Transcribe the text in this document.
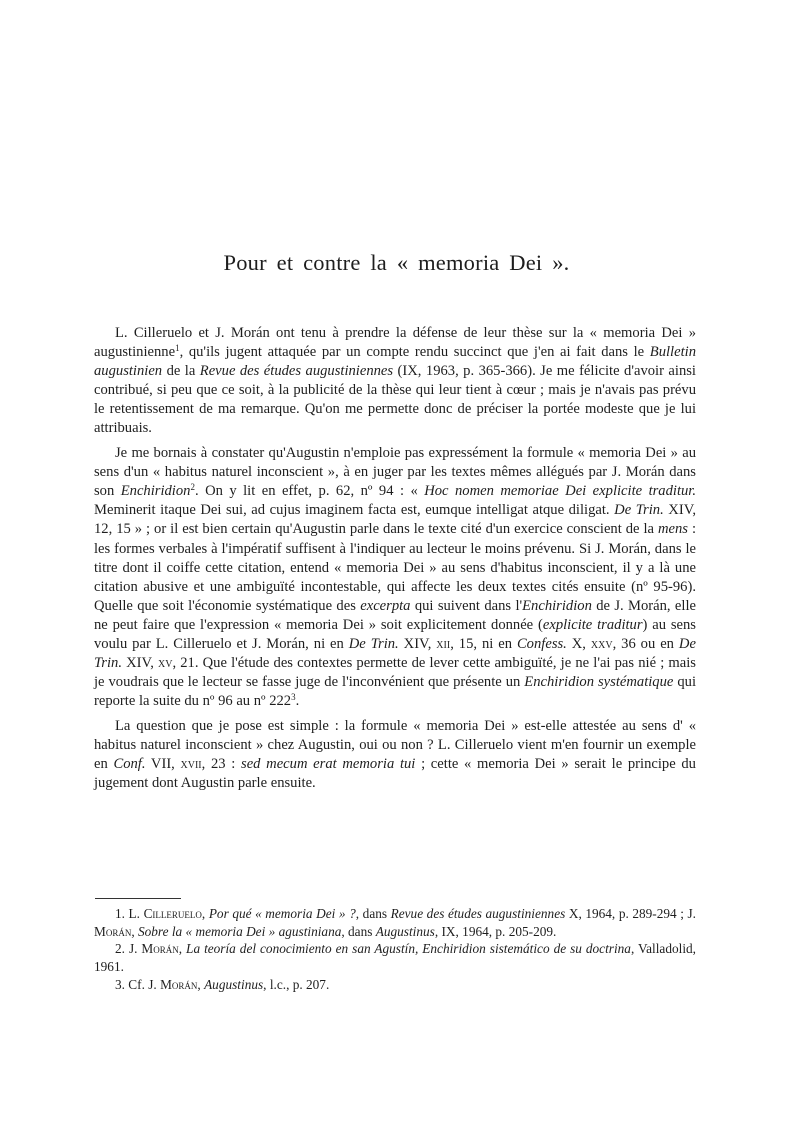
Pour et contre la « memoria Dei ».

L. Cilleruelo et J. Morán ont tenu à prendre la défense de leur thèse sur la « memoria Dei » augustinienne$^1$, qu'ils jugent attaquée par un compte rendu succinct que j'en ai fait dans le Bulletin augustinien de la Revue des études augustiniennes (IX, 1963, p. 365-366). Je me félicite d'avoir ainsi contribué, si peu que ce soit, à la publicité de la thèse qui leur tient à cœur ; mais je n'avais pas prévu le retentissement de ma remarque. Qu'on me permette donc de préciser la portée modeste que je lui attribuais.

Je me bornais à constater qu'Augustin n'emploie pas expressément la formule « memoria Dei » au sens d'un « habitus naturel inconscient », à en juger par les textes mêmes allégués par J. Morán dans son Enchiridion$^2$. On y lit en effet, p. 62, nº 94 : « Hoc nomen memoriae Dei explicite traditur. Meminerit itaque Dei sui, ad cujus imaginem facta est, eumque intelligat atque diligat. De Trin. XIV, 12, 15 » ; or il est bien certain qu'Augustin parle dans le texte cité d'un exercice conscient de la mens : les formes verbales à l'impératif suffisent à l'indiquer au lecteur le moins prévenu. Si J. Morán, dans le titre dont il coiffe cette citation, entend « memoria Dei » au sens d'habitus inconscient, il y a là une citation abusive et une ambiguïté incontestable, qui affecte les deux textes cités ensuite (nº 95-96). Quelle que soit l'économie systématique des excerpta qui suivent dans l'Enchiridion de J. Morán, elle ne peut faire que l'expression « memoria Dei » soit explicitement donnée (explicite traditur) au sens voulu par L. Cilleruelo et J. Morán, ni en De Trin. XIV, xii, 15, ni en Confess. X, xxv, 36 ou en De Trin. XIV, xv, 21. Que l'étude des contextes permette de lever cette ambiguïté, je ne l'ai pas nié ; mais je voudrais que le lecteur se fasse juge de l'inconvénient que présente un Enchiridion systématique qui reporte la suite du nº 96 au nº $222^3$.

La question que je pose est simple : la formule « memoria Dei » est-elle attestée au sens d' « habitus naturel inconscient » chez Augustin, oui ou non ? L. Cilleruelo vient m'en fournir un exemple en Conf. VII, xvii, 23 : sed mecum erat memoria tui ; cette « memoria Dei » serait le principe du jugement dont Augustin parle ensuite.

1. L. Cilleruelo, Por qué « memoria Dei » ?, dans Revue des études augustiniennes X, 1964, p. 289-294 ; J. Morán, Sobre la « memoria Dei » agustiniana, dans Augustinus, IX, 1964, p. 205-209.

2. J. Morán, La teoría del conocimiento en san Agustín, Enchiridion sistemático de su doctrina, Valladolid, 1961.

3. Cf. J. Morán, Augustinus, l.c., p. 207.
